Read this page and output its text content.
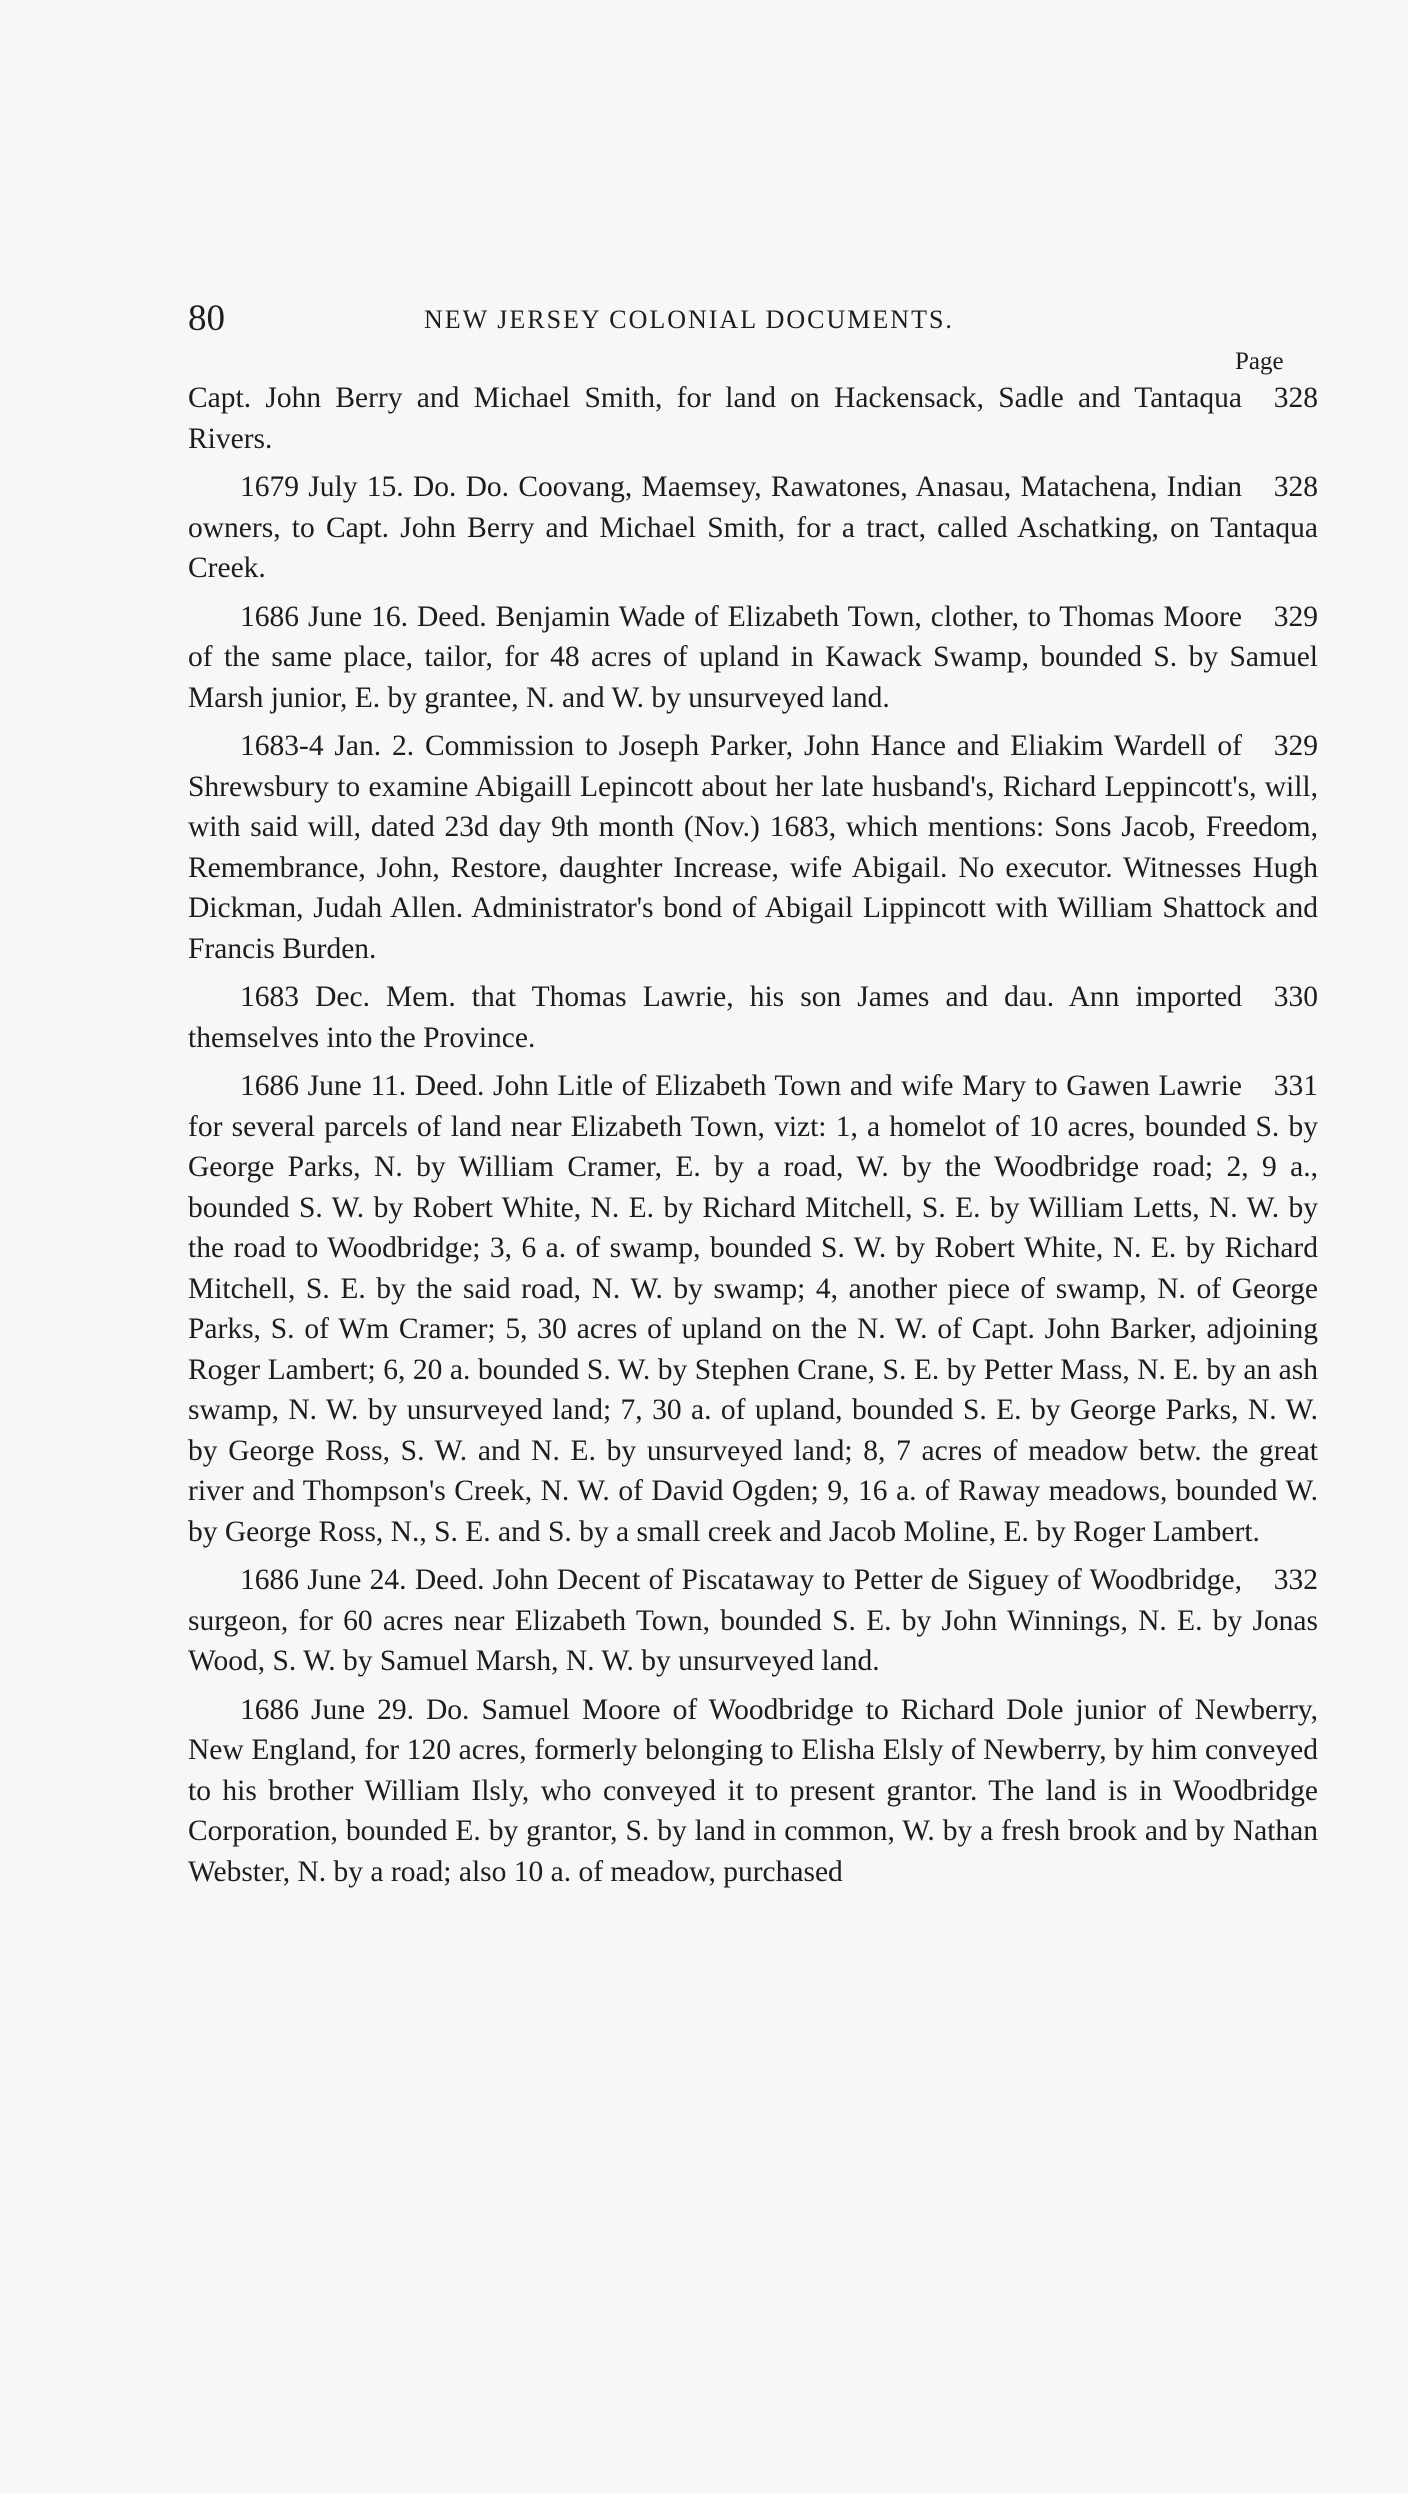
80	NEW JERSEY COLONIAL DOCUMENTS.
Page

328
Capt. John Berry and Michael Smith, for land on Hackensack, Sadle and Tantaqua Rivers.

328
1679 July 15. Do. Do. Coovang, Maemsey, Rawatones, Anasau, Matachena, Indian owners, to Capt. John Berry and Michael Smith, for a tract, called Aschatking, on Tantaqua Creek.

329
1686 June 16. Deed. Benjamin Wade of Elizabeth Town, clother, to Thomas Moore of the same place, tailor, for 48 acres of upland in Kawack Swamp, bounded S. by Samuel Marsh junior, E. by grantee, N. and W. by unsurveyed land.

329
1683-4 Jan. 2. Commission to Joseph Parker, John Hance and Eliakim Wardell of Shrewsbury to examine Abigaill Lepincott about her late husband's, Richard Leppincott's, will, with said will, dated 23d day 9th month (Nov.) 1683, which mentions: Sons Jacob, Freedom, Remembrance, John, Restore, daughter Increase, wife Abigail. No executor. Witnesses Hugh Dickman, Judah Allen. Administrator's bond of Abigail Lippincott with William Shattock and Francis Burden.

330
1683 Dec. Mem. that Thomas Lawrie, his son James and dau. Ann imported themselves into the Province.

331
1686 June 11. Deed. John Litle of Elizabeth Town and wife Mary to Gawen Lawrie for several parcels of land near Elizabeth Town, vizt: 1, a homelot of 10 acres, bounded S. by George Parks, N. by William Cramer, E. by a road, W. by the Woodbridge road; 2, 9 a., bounded S. W. by Robert White, N. E. by Richard Mitchell, S. E. by William Letts, N. W. by the road to Woodbridge; 3, 6 a. of swamp, bounded S. W. by Robert White, N. E. by Richard Mitchell, S. E. by the said road, N. W. by swamp; 4, another piece of swamp, N. of George Parks, S. of Wm Cramer; 5, 30 acres of upland on the N. W. of Capt. John Barker, adjoining Roger Lambert; 6, 20 a. bounded S. W. by Stephen Crane, S. E. by Petter Mass, N. E. by an ash swamp, N. W. by unsurveyed land; 7, 30 a. of upland, bounded S. E. by George Parks, N. W. by George Ross, S. W. and N. E. by unsurveyed land; 8, 7 acres of meadow betw. the great river and Thompson's Creek, N. W. of David Ogden; 9, 16 a. of Raway meadows, bounded W. by George Ross, N., S. E. and S. by a small creek and Jacob Moline, E. by Roger Lambert.

332
1686 June 24. Deed. John Decent of Piscataway to Petter de Siguey of Woodbridge, surgeon, for 60 acres near Elizabeth Town, bounded S. E. by John Winnings, N. E. by Jonas Wood, S. W. by Samuel Marsh, N. W. by unsurveyed land.

1686 June 29. Do. Samuel Moore of Woodbridge to Richard Dole junior of Newberry, New England, for 120 acres, formerly belonging to Elisha Elsly of Newberry, by him conveyed to his brother William Ilsly, who conveyed it to present grantor. The land is in Woodbridge Corporation, bounded E. by grantor, S. by land in common, W. by a fresh brook and by Nathan Webster, N. by a road; also 10 a. of meadow, purchased
